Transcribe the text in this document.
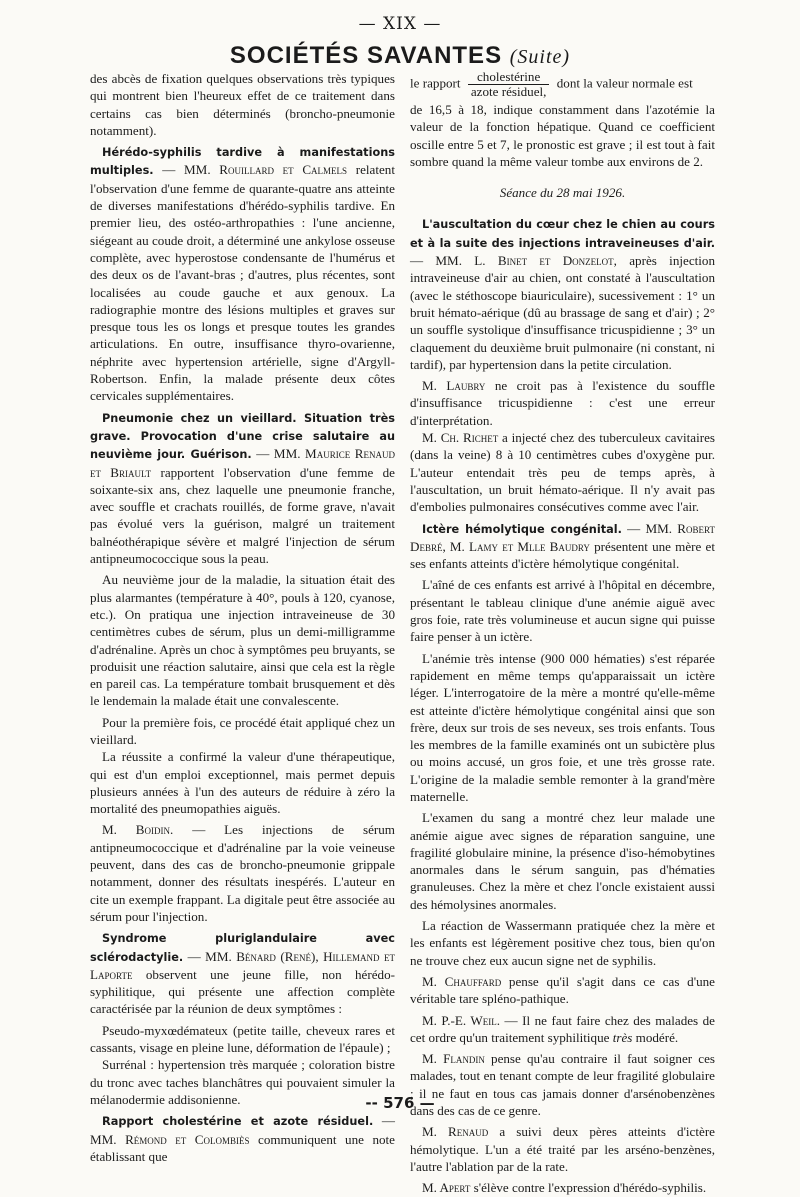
— XIX —
SOCIÉTÉS SAVANTES (Suite)

des abcès de fixation quelques observations très typiques qui montrent bien l'heureux effet de ce traitement dans certains cas bien déterminés (broncho-pneumonie notamment).

Hérédo-syphilis tardive à manifestations multiples. — MM. Rouillard et Calmels relatent l'observation d'une femme de quarante-quatre ans atteinte de diverses manifestations d'hérédo-syphilis tardive. En premier lieu, des ostéo-arthropathies : l'une ancienne, siégeant au coude droit, a déterminé une ankylose osseuse complète, avec hyperostose condensante de l'humérus et des deux os de l'avant-bras ; d'autres, plus récentes, sont localisées au coude gauche et aux genoux. La radiographie montre des lésions multiples et graves sur presque tous les os longs et presque toutes les grandes articulations. En outre, insuffisance thyro-ovarienne, néphrite avec hypertension artérielle, signe d'Argyll-Robertson. Enfin, la malade présente deux côtes cervicales supplémentaires.

Pneumonie chez un vieillard. Situation très grave. Provocation d'une crise salutaire au neuvième jour. Guérison. — MM. Maurice Renaud et Briault rapportent l'observation d'une femme de soixante-six ans, chez laquelle une pneumonie franche, avec souffle et crachats rouillés, de forme grave, n'avait pas évolué vers la guérison, malgré un traitement balnéothérapique sévère et malgré l'injection de sérum antipneumococcique sous la peau.

Au neuvième jour de la maladie, la situation était des plus alarmantes (température à 40°, pouls à 120, cyanose, etc.). On pratiqua une injection intraveineuse de 30 centimètres cubes de sérum, plus un demi-milligramme d'adrénaline. Après un choc à symptômes peu bruyants, se produisit une réaction salutaire, ainsi que cela est la règle en pareil cas. La température tombait brusquement et dès le lendemain la malade était une convalescente.

Pour la première fois, ce procédé était appliqué chez un vieillard.

La réussite a confirmé la valeur d'une thérapeutique, qui est d'un emploi exceptionnel, mais permet depuis plusieurs années à l'un des auteurs de réduire à zéro la mortalité des pneumopathies aiguës.

M. Boidin. — Les injections de sérum antipneumococcique et d'adrénaline par la voie veineuse peuvent, dans des cas de broncho-pneumonie grippale notamment, donner des résultats inespérés. L'auteur en cite un exemple frappant. La digitale peut être associée au sérum pour l'injection.

Syndrome pluriglandulaire avec sclérodactylie. — MM. Bénard (René), Hillemand et Laporte observent une jeune fille, non hérédo-syphilitique, qui présente une affection complète caractérisée par la réunion de deux symptômes :

Pseudo-myxœdémateux (petite taille, cheveux rares et cassants, visage en pleine lune, déformation de l'épaule) ;

Surrénal : hypertension très marquée ; coloration bistre du tronc avec taches blanchâtres qui pouvaient simuler la mélanodermie addisonienne.

Rapport cholestérine et azote résiduel. — MM. Rémond et Colombiès communiquent une note établissant que

le rapport $\frac{\text{cholestérine}}{\text{azote résiduel,}}$ dont la valeur normale est

de 16,5 à 18, indique constamment dans l'azotémie la valeur de la fonction hépatique. Quand ce coefficient oscille entre 5 et 7, le pronostic est grave ; il est tout à fait sombre quand la même valeur tombe aux environs de 2.

Séance du 28 mai 1926.

L'auscultation du cœur chez le chien au cours et à la suite des injections intraveineuses d'air. — MM. L. Binet et Donzelot, après injection intraveineuse d'air au chien, ont constaté à l'auscultation (avec le stéthoscope biauriculaire), sucessivement : 1° un bruit hémato-aérique (dû au brassage de sang et d'air) ; 2° un souffle systolique d'insuffisance tricuspidienne ; 3° un claquement du deuxième bruit pulmonaire (ni constant, ni tardif), par hypertension dans la petite circulation.

M. Laubry ne croit pas à l'existence du souffle d'insuffisance tricuspidienne : c'est une erreur d'interprétation.

M. Ch. Richet a injecté chez des tuberculeux cavitaires (dans la veine) 8 à 10 centimètres cubes d'oxygène pur. L'auteur entendait très peu de temps après, à l'auscultation, un bruit hémato-aérique. Il n'y avait pas d'embolies pulmonaires consécutives comme avec l'air.

Ictère hémolytique congénital. — MM. Robert Debré, M. Lamy et Mlle Baudry présentent une mère et ses enfants atteints d'ictère hémolytique congénital.

L'aîné de ces enfants est arrivé à l'hôpital en décembre, présentant le tableau clinique d'une anémie aiguë avec gros foie, rate très volumineuse et aucun signe qui puisse faire penser à un ictère.

L'anémie très intense (900 000 hématies) s'est réparée rapidement en même temps qu'apparaissait un ictère léger. L'interrogatoire de la mère a montré qu'elle-même est atteinte d'ictère hémolytique congénital ainsi que son frère, deux sur trois de ses neveux, ses trois enfants. Tous les membres de la famille examinés ont un subictère plus ou moins accusé, un gros foie, et une très grosse rate. L'origine de la maladie semble remonter à la grand'mère maternelle.

L'examen du sang a montré chez leur malade une anémie aigue avec signes de réparation sanguine, une fragilité globulaire minine, la présence d'iso-hémobytines anormales dans le sérum sanguin, pas d'hématies granuleuses. Chez la mère et chez l'oncle existaient aussi des hémolysines anormales.

La réaction de Wassermann pratiquée chez la mère et les enfants est légèrement positive chez tous, bien qu'on ne trouve chez eux aucun signe net de syphilis.

M. Chauffard pense qu'il s'agit dans ce cas d'une véritable tare spléno-pathique.

M. P.-E. Weil. — Il ne faut faire chez des malades de cet ordre qu'un traitement syphilitique très modéré.

M. Flandin pense qu'au contraire il faut soigner ces malades, tout en tenant compte de leur fragilité globulaire ; il ne faut en tous cas jamais donner d'arsénobenzènes dans des cas de ce genre.

M. Renaud a suivi deux pères atteints d'ictère hémolytique. L'un a été traité par les arséno-benzènes, l'autre l'ablation par de la rate.

M. Apert s'élève contre l'expression d'hérédo-syphilis.

-- 576 —
